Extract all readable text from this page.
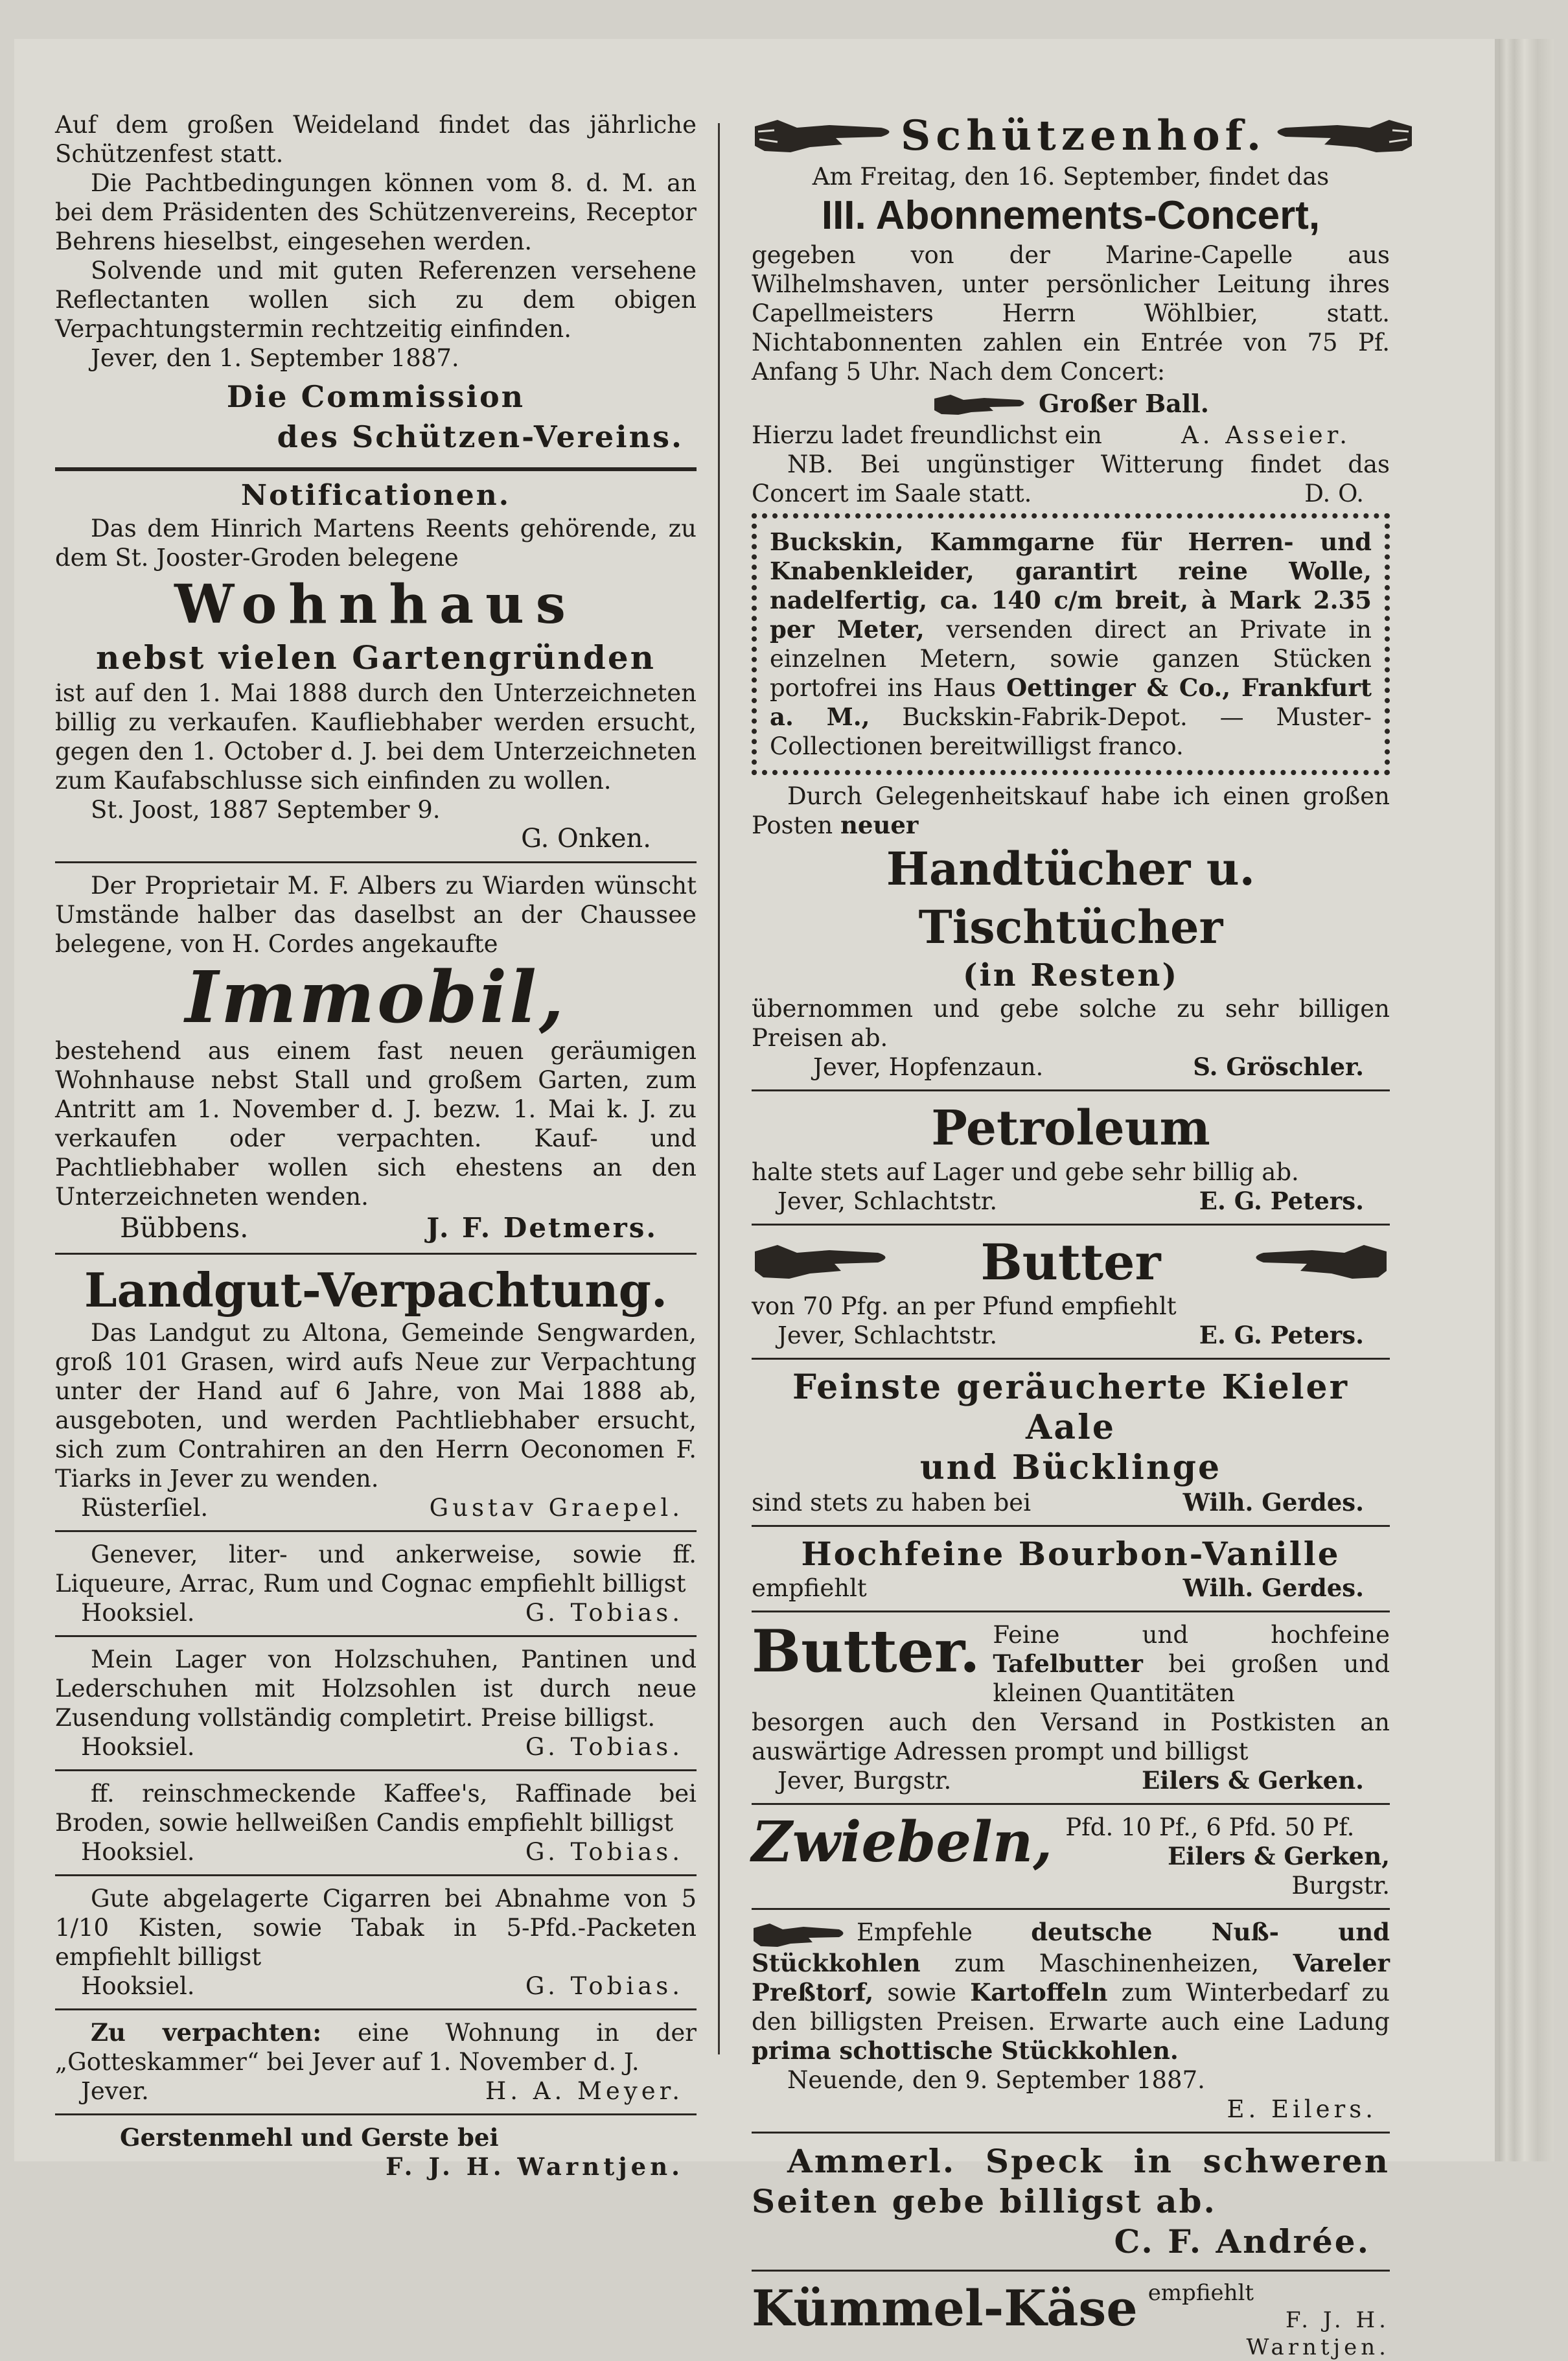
Auf dem großen Weideland findet das jährliche Schützenfest statt.

Die Pachtbedingungen können vom 8. d. M. an bei dem Präsidenten des Schützenvereins, Receptor Behrens hieselbst, eingesehen werden.

Solvende und mit guten Referenzen versehene Reflectanten wollen sich zu dem obigen Verpachtungstermin rechtzeitig einfinden.

Jever, den 1. September 1887.

Die Commission

des Schützen-Vereins.

Notificationen.

Das dem Hinrich Martens Reents gehörende, zu dem St. Jooster-Groden belegene

Wohnhaus

nebst vielen Gartengründen

ist auf den 1. Mai 1888 durch den Unterzeichneten billig zu verkaufen. Kaufliebhaber werden ersucht, gegen den 1. October d. J. bei dem Unterzeichneten zum Kaufabschlusse sich einfinden zu wollen.

St. Joost, 1887 September 9.

G. Onken.

Der Proprietair M. F. Albers zu Wiarden wünscht Umstände halber das daselbst an der Chaussee belegene, von H. Cordes angekaufte

Immobil,

bestehend aus einem fast neuen geräumigen Wohnhause nebst Stall und großem Garten, zum Antritt am 1. November d. J. bezw. 1. Mai k. J. zu verkaufen oder verpachten. Kauf- und Pachtliebhaber wollen sich ehestens an den Unterzeichneten wenden.

Bübbens.	J. F. Detmers.

Landgut-Verpachtung.

Das Landgut zu Altona, Gemeinde Sengwarden, groß 101 Grasen, wird aufs Neue zur Verpachtung unter der Hand auf 6 Jahre, von Mai 1888 ab, ausgeboten, und werden Pachtliebhaber ersucht, sich zum Contrahiren an den Herrn Oeconomen F. Tiarks in Jever zu wenden.

Rüsterſiel.	Gustav Graepel.

Genever, liter- und ankerweise, sowie ff. Liqueure, Arrac, Rum und Cognac empfiehlt billigst

Hooksiel.	G. Tobias.

Mein Lager von Holzschuhen, Pantinen und Lederschuhen mit Holzsohlen ist durch neue Zusendung vollständig completirt. Preise billigst.

Hooksiel.	G. Tobias.

ff. reinschmeckende Kaffee's, Raffinade bei Broden, sowie hellweißen Candis empfiehlt billigst

Hooksiel.	G. Tobias.

Gute abgelagerte Cigarren bei Abnahme von 5 1/10 Kisten, sowie Tabak in 5-Pfd.-Packeten empfiehlt billigst

Hooksiel.	G. Tobias.

Zu verpachten: eine Wohnung in der „Gotteskammer“ bei Jever auf 1. November d. J.

Jever.	H. A. Meyer.

Gerstenmehl und Gerste bei

F. J. H. Warntjen.

Schützenhof.

Am Freitag, den 16. September, findet das

III. Abonnements-Concert,

gegeben von der Marine-Capelle aus Wilhelmshaven, unter persönlicher Leitung ihres Capellmeisters Herrn Wöhlbier, statt. Nichtabonnenten zahlen ein Entrée von 75 Pf. Anfang 5 Uhr. Nach dem Concert:

Großer Ball.
Hierzu ladet freundlichst ein	A. Asseier.

NB. Bei ungünstiger Witterung findet das Concert im Saale statt.	D. O.

Buckskin, Kammgarne für Herren- und Knabenkleider, garantirt reine Wolle, nadelfertig, ca. 140 c/m breit, à Mark 2.35 per Meter, versenden direct an Private in einzelnen Metern, sowie ganzen Stücken portofrei ins Haus Oettinger & Co., Frankfurt a. M., Buckskin-Fabrik-Depot. — Muster-Collectionen bereitwilligst franco.

Durch Gelegenheitskauf habe ich einen großen Posten neuer

Handtücher u. Tischtücher

(in Resten)

übernommen und gebe solche zu sehr billigen Preisen ab.

Jever, Hopfenzaun.	S. Gröschler.

Petroleum

halte stets auf Lager und gebe sehr billig ab.

Jever, Schlachtstr.	E. G. Peters.
Butter

von 70 Pfg. an per Pfund empfiehlt

Jever, Schlachtstr.	E. G. Peters.

Feinste geräucherte Kieler Aale

und Bücklinge

sind stets zu haben bei	Wilh. Gerdes.

Hochfeine Bourbon-Vanille

empfiehlt	Wilh. Gerdes.
Butter. Feine und hochfeine Tafelbutter bei großen und kleinen Quantitäten

besorgen auch den Versand in Postkisten an auswärtige Adressen prompt und billigst

Jever, Burgstr.	Eilers & Gerken.
Zwiebeln, Pfd. 10 Pf., 6 Pfd. 50 Pf.

Eilers & Gerken, Burgstr.

Empfehle deutsche Nuß- und Stückkohlen zum Maschinenheizen, Vareler Preßtorf, sowie Kartoffeln zum Winterbedarf zu den billigsten Preisen. Erwarte auch eine Ladung prima schottische Stückkohlen.

Neuende, den 9. September 1887.

E. Eilers.

Ammerl. Speck in schweren Seiten gebe billigst ab.

C. F. Andrée.

Kümmel-Käse empfiehlt

F. J. H. Warntjen.
